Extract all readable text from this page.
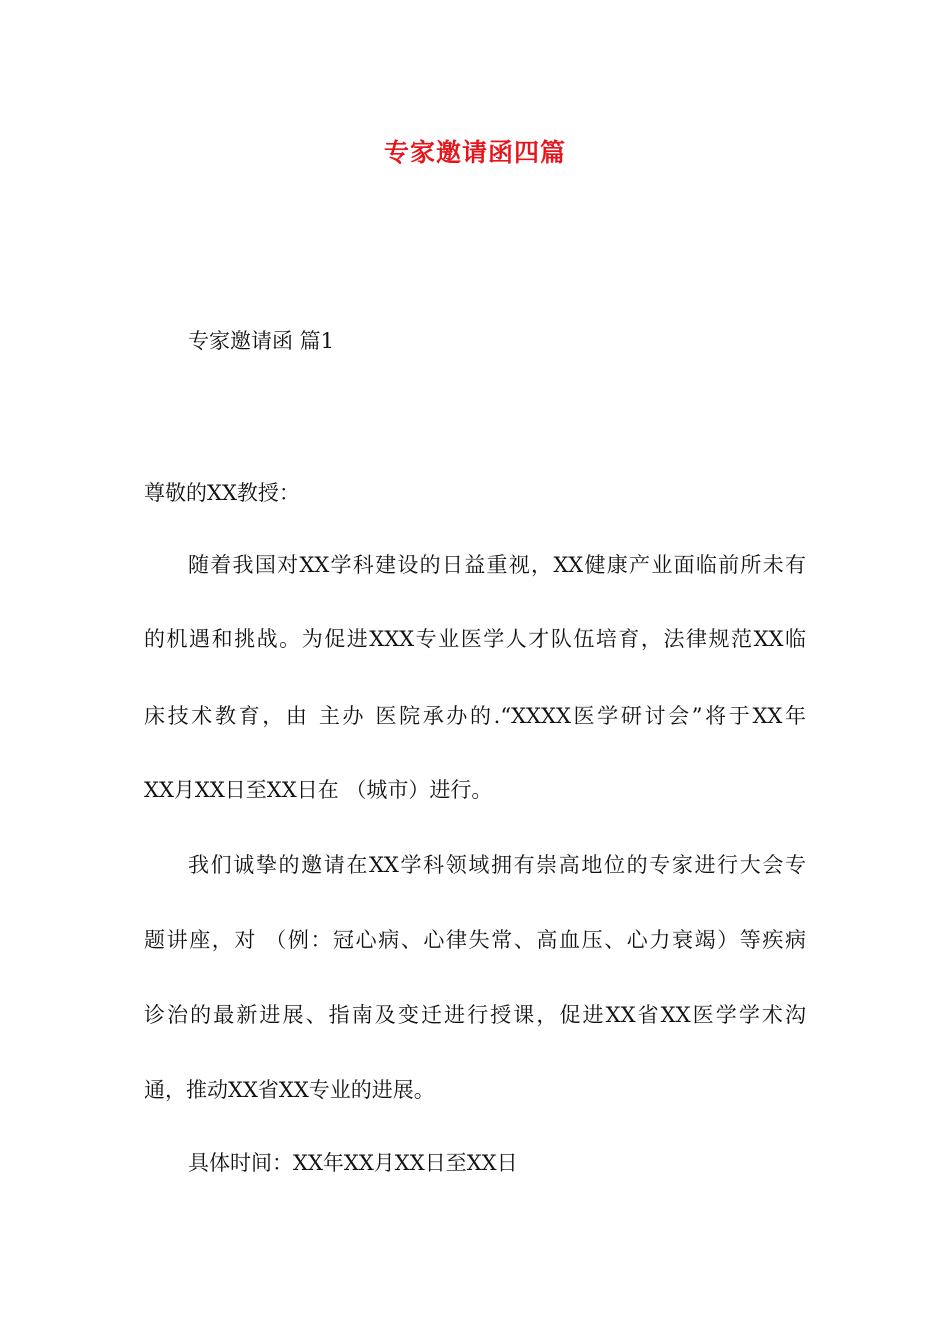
专家邀请函四篇
专家邀请函 篇1
尊敬的XX教授：
随着我国对XX学科建设的日益重视，XX健康产业面临前所未有
的机遇和挑战。为促进XXX专业医学人才队伍培育，法律规范XX临
床技术教育，由 主办 医院承办的.“XXXX医学研讨会”将于XX年
XX月XX日至XX日在 （城市）进行。
我们诚挚的邀请在XX学科领域拥有崇高地位的专家进行大会专
题讲座，对 （例：冠心病、心律失常、高血压、心力衰竭）等疾病
诊治的最新进展、指南及变迁进行授课，促进XX省XX医学学术沟
通，推动XX省XX专业的进展。
具体时间：XX年XX月XX日至XX日
